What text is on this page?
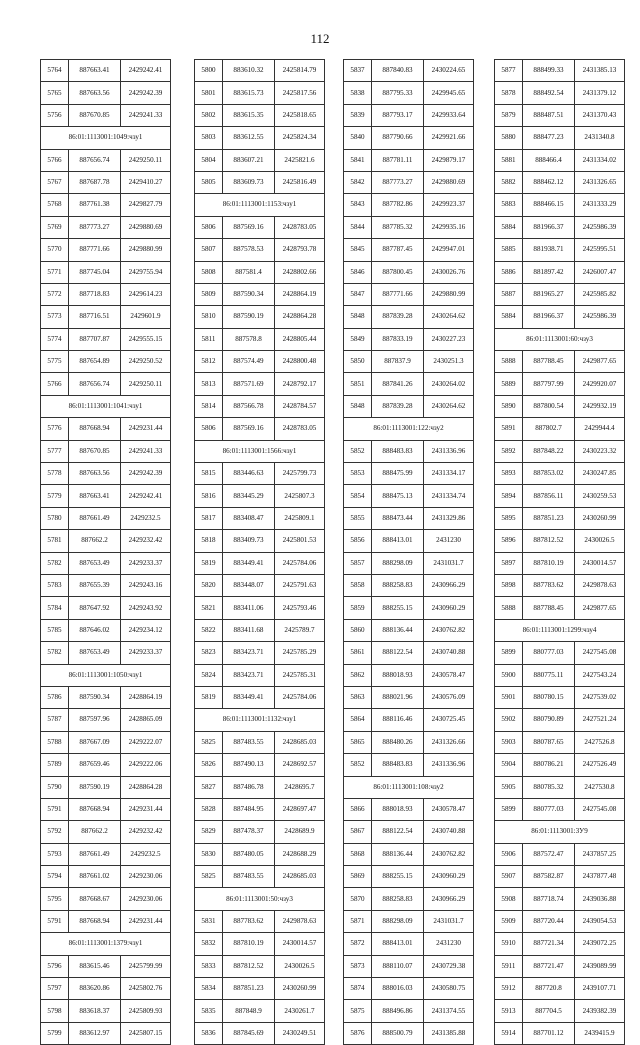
112
5764	887663.41	2429242.41
5765	887663.56	2429242.39
5756	887670.85	2429241.33
86:01:1113001:1049:чзу1		
5766	887656.74	2429250.11
5767	887687.78	2429410.27
5768	887761.38	2429827.79
5769	887773.27	2429880.69
5770	887771.66	2429880.99
5771	887745.04	2429755.94
5772	887718.83	2429614.23
5773	887716.51	2429601.9
5774	887707.87	2429555.15
5775	887654.89	2429250.52
5766	887656.74	2429250.11
86:01:1113001:1041:чзу1		
5776	887668.94	2429231.44
5777	887670.85	2429241.33
5778	887663.56	2429242.39
5779	887663.41	2429242.41
5780	887661.49	2429232.5
5781	887662.2	2429232.42
5782	887653.49	2429233.37
5783	887655.39	2429243.16
5784	887647.92	2429243.92
5785	887646.02	2429234.12
5782	887653.49	2429233.37
86:01:1113001:1050:чзу1		
5786	887590.34	2428864.19
5787	887597.96	2428865.09
5788	887667.09	2429222.07
5789	887659.46	2429222.06
5790	887590.19	2428864.28
5791	887668.94	2429231.44
5792	887662.2	2429232.42
5793	887661.49	2429232.5
5794	887661.02	2429230.06
5795	887668.67	2429230.06
5791	887668.94	2429231.44
86:01:1113001:1379:чзу1		
5796	883615.46	2425799.99
5797	883620.86	2425802.76
5798	883618.37	2425809.93
5799	883612.97	2425807.15
5800	883610.32	2425814.79
5801	883615.73	2425817.56
5802	883615.35	2425818.65
5803	883612.55	2425824.34
5804	883607.21	2425821.6
5805	883609.73	2425816.49
86:01:1113001:1153:чзу1		
5806	887569.16	2428783.05
5807	887578.53	2428793.78
5808	887581.4	2428802.66
5809	887590.34	2428864.19
5810	887590.19	2428864.28
5811	887578.8	2428805.44
5812	887574.49	2428800.48
5813	887571.69	2428792.17
5814	887566.78	2428784.57
5806	887569.16	2428783.05
86:01:1113001:1566:чзу1		
5815	883446.63	2425799.73
5816	883445.29	2425807.3
5817	883408.47	2425809.1
5818	883409.73	2425801.53
5819	883449.41	2425784.06
5820	883448.07	2425791.63
5821	883411.06	2425793.46
5822	883411.68	2425789.7
5823	883423.71	2425785.29
5824	883423.71	2425785.31
5819	883449.41	2425784.06
86:01:1113001:1132:чзу1		
5825	887483.55	2428685.03
5826	887490.13	2428692.57
5827	887486.78	2428695.7
5828	887484.95	2428697.47
5829	887478.37	2428689.9
5830	887480.05	2428688.29
5825	887483.55	2428685.03
86:01:1113001:50:чзу3		
5831	887783.62	2429878.63
5832	887810.19	2430014.57
5833	887812.52	2430026.5
5834	887851.23	2430260.99
5835	887848.9	2430261.7
5836	887845.69	2430249.51
5837	887840.83	2430224.65
5838	887795.33	2429945.65
5839	887793.17	2429933.64
5840	887790.66	2429921.66
5841	887781.11	2429879.17
5842	887773.27	2429880.69
5843	887782.86	2429923.37
5844	887785.32	2429935.16
5845	887787.45	2429947.01
5846	887800.45	2430026.76
5847	887771.66	2429880.99
5848	887839.28	2430264.62
5849	887833.19	2430227.23
5850	887837.9	2430251.3
5851	887841.26	2430264.02
5848	887839.28	2430264.62
86:01:1113001:122:чзу2		
5852	888483.83	2431336.96
5853	888475.99	2431334.17
5854	888475.13	2431334.74
5855	888473.44	2431329.86
5856	888413.01	2431230
5857	888298.09	2431031.7
5858	888258.83	2430966.29
5859	888255.15	2430960.29
5860	888136.44	2430762.82
5861	888122.54	2430740.88
5862	888018.93	2430578.47
5863	888021.96	2430576.09
5864	888116.46	2430725.45
5865	888480.26	2431326.66
5852	888483.83	2431336.96
86:01:1113001:108:чзу2		
5866	888018.93	2430578.47
5867	888122.54	2430740.88
5868	888136.44	2430762.82
5869	888255.15	2430960.29
5870	888258.83	2430966.29
5871	888298.09	2431031.7
5872	888413.01	2431230
5873	888110.07	2430729.38
5874	888016.03	2430580.75
5875	888496.86	2431374.55
5876	888500.79	2431385.88
5877	888499.33	2431385.13
5878	888492.54	2431379.12
5879	888487.51	2431370.43
5880	888477.23	2431340.8
5881	888466.4	2431334.02
5882	888462.12	2431326.65
5883	888466.15	2431333.29
5884	881966.37	2425986.39
5885	881938.71	2425995.51
5886	881897.42	2426007.47
5887	881965.27	2425985.82
5884	881966.37	2425986.39
86:01:1113001:60:чзу3		
5888	887788.45	2429877.65
5889	887797.99	2429920.07
5890	887800.54	2429932.19
5891	887802.7	2429944.4
5892	887848.22	2430223.32
5893	887853.02	2430247.85
5894	887856.11	2430259.53
5895	887851.23	2430260.99
5896	887812.52	2430026.5
5897	887810.19	2430014.57
5898	887783.62	2429878.63
5888	887788.45	2429877.65
86:01:1113001:1299:чзу4		
5899	880777.03	2427545.08
5900	880775.11	2427543.24
5901	880780.15	2427539.02
5902	880790.89	2427521.24
5903	880787.65	2427526.8
5904	880786.21	2427526.49
5905	880785.32	2427530.8
5899	880777.03	2427545.08
86:01:1113001:3У9		
5906	887572.47	2437857.25
5907	887582.87	2437877.48
5908	887718.74	2439036.88
5909	887720.44	2439054.53
5910	887721.34	2439072.25
5911	887721.47	2439089.99
5912	887720.8	2439107.71
5913	887704.5	2439382.39
5914	887701.12	2439415.9
